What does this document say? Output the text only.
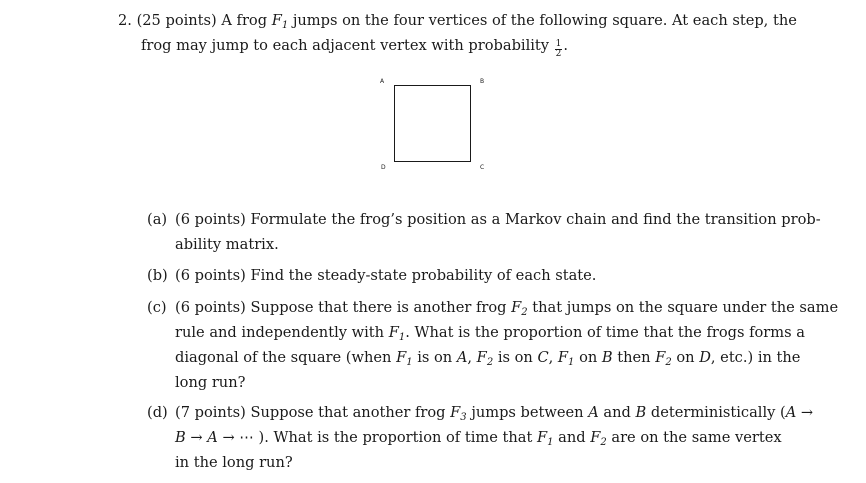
2. (25 points) A frog $F_1$ jumps on the four vertices of the following square. At each step, the
frog may jump to each adjacent vertex with probability $\frac{1}{2}$ .
A	B
C
D
(a) (6 points) Formulate the frog’s position as a Markov chain and find the transition prob-
ability matrix.
(b) (6 points) Find the steady-state probability of each state.
(c) (6 points) Suppose that there is another frog $F_2$ that jumps on the square under the same
rule and independently with $F_1$. What is the proportion of time that the frogs forms a
diagonal of the square (when $F_1$ is on A, $F_2$ is on C, $F_1$ on B then $F_2$ on D, etc.) in the
long run?
(d) (7 points) Suppose that another frog $F_3$ jumps between A and B deterministically (A →
B → A → ⋯ ). What is the proportion of time that $F_1$ and $F_2$ are on the same vertex
in the long run?
